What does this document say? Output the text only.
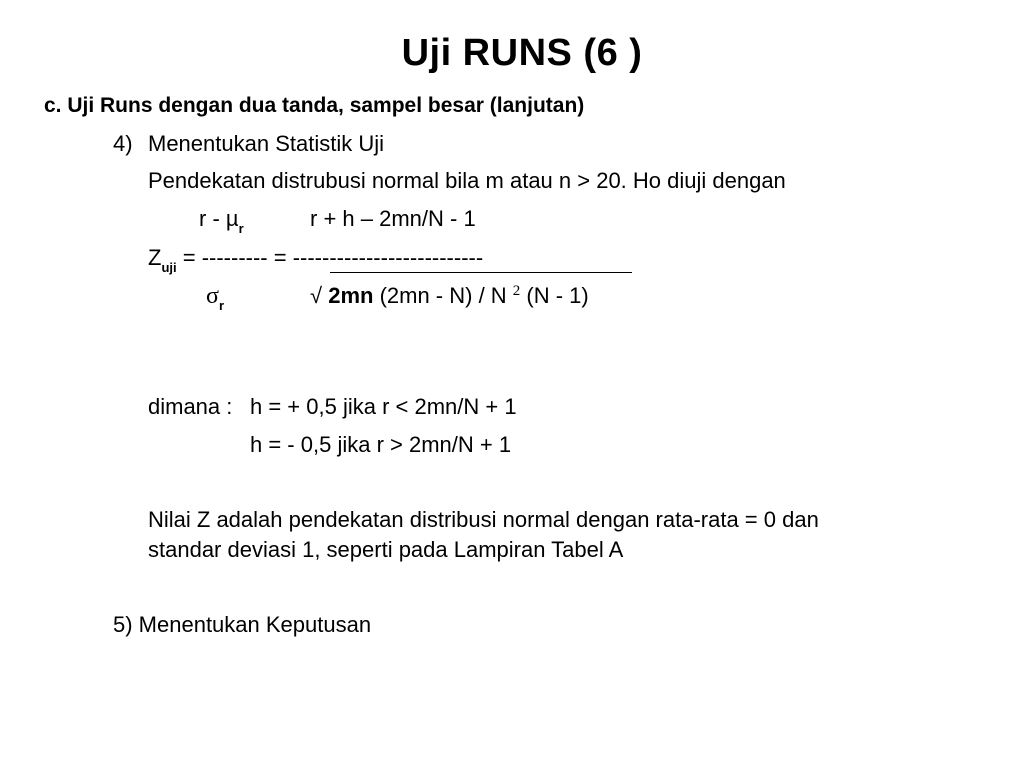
Uji RUNS (6 )
c. Uji Runs dengan dua tanda, sampel besar (lanjutan)
4) Menentukan Statistik Uji
Pendekatan distrubusi normal bila m atau n > 20. Ho diuji dengan
r - µ$_r$	r + h – 2mn/N - 1
$Z_{uji}$ = --------- = --------------------------
$\sigma_r$	√ 2mn (2mn - N) / N $^2$ (N - 1)
dimana : h = + 0,5 jika r < 2mn/N + 1
h = - 0,5 jika r > 2mn/N + 1
Nilai Z adalah pendekatan distribusi normal dengan rata-rata = 0 dan
standar deviasi 1, seperti pada Lampiran Tabel A
5) Menentukan Keputusan
